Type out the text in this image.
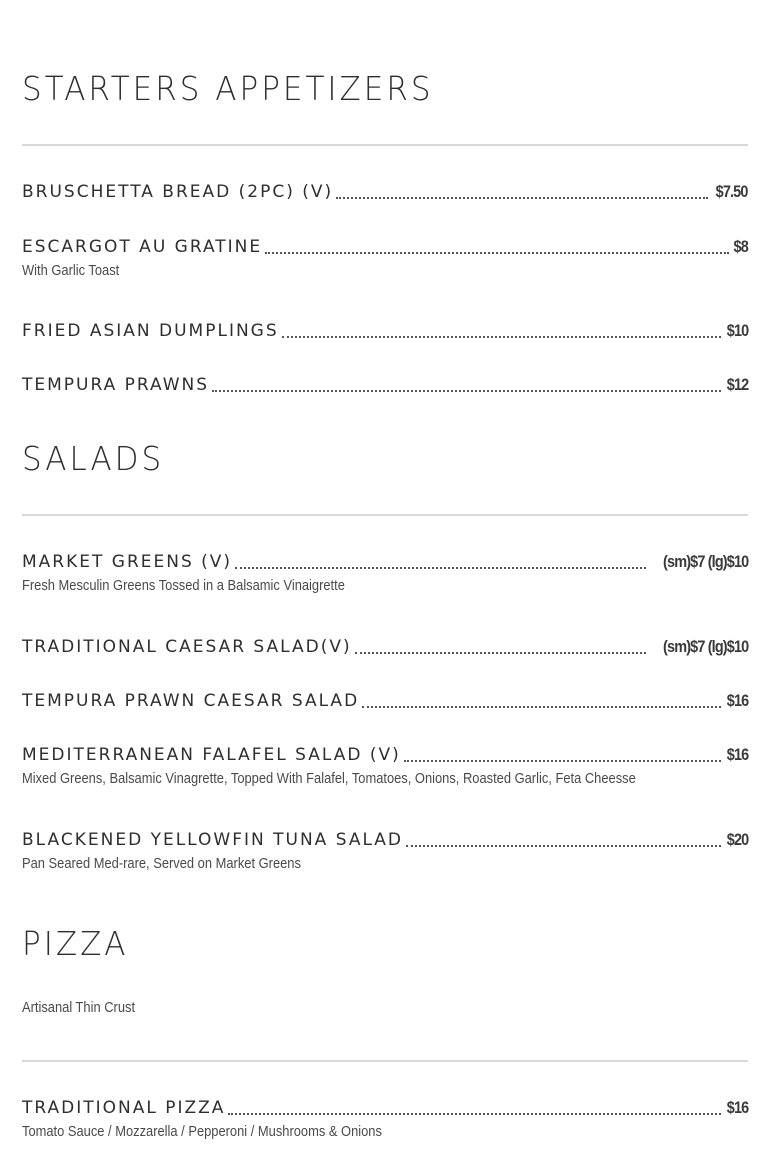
STARTERS APPETIZERS
BRUSCHETTA BREAD (2PC) (V)	$7.50
ESCARGOT AU GRATINE	$8
With Garlic Toast
FRIED ASIAN DUMPLINGS	$10
TEMPURA PRAWNS	$12
SALADS
MARKET GREENS (V)	(sm)$7 (lg)$10
Fresh Mesculin Greens Tossed in a Balsamic Vinaigrette
TRADITIONAL CAESAR SALAD(V)	(sm)$7 (lg)$10
TEMPURA PRAWN CAESAR SALAD	$16
MEDITERRANEAN FALAFEL SALAD (V)	$16
Mixed Greens, Balsamic Vinagrette, Topped With Falafel, Tomatoes, Onions, Roasted Garlic, Feta Cheesse
BLACKENED YELLOWFIN TUNA SALAD	$20
Pan Seared Med-rare, Served on Market Greens
PIZZA
Artisanal Thin Crust
TRADITIONAL PIZZA	$16
Tomato Sauce / Mozzarella / Pepperoni / Mushrooms & Onions
